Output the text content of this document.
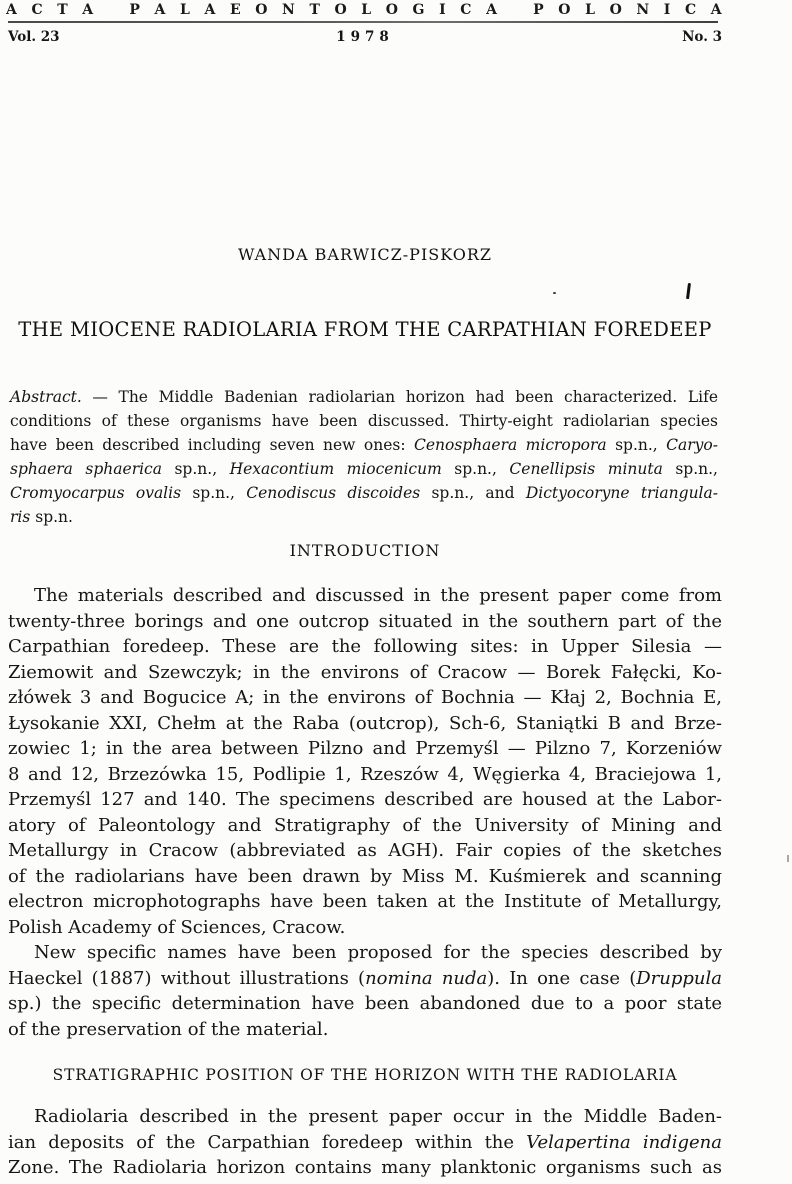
A C T A
	P A L A E O N T O L O G I C A
	P O L O N I C A
Vol. 23	1978	No. 3
WANDA BARWICZ-PISKORZ
THE MIOCENE RADIOLARIA FROM THE CARPATHIAN FOREDEEP
Abstract. — The Middle Badenian radiolarian horizon had been characterized. Life
conditions of these organisms have been discussed. Thirty-eight radiolarian species
have been described including seven new ones: Cenosphaera micropora sp.n., Caryo-
sphaera sphaerica sp.n., Hexacontium miocenicum sp.n., Cenellipsis minuta sp.n.,
Cromyocarpus ovalis sp.n., Cenodiscus discoides sp.n., and Dictyocoryne triangula-
ris sp.n.
INTRODUCTION
The materials described and discussed in the present paper come from
twenty-three borings and one outcrop situated in the southern part of the
Carpathian foredeep. These are the following sites: in Upper Silesia —
Ziemowit and Szewczyk; in the environs of Cracow — Borek Fałęcki, Ko-
złówek 3 and Bogucice A; in the environs of Bochnia — Kłaj 2, Bochnia E,
Łysokanie XXI, Chełm at the Raba (outcrop), Sch-6, Staniątki B and Brze-
zowiec 1; in the area between Pilzno and Przemyśl — Pilzno 7, Korzeniów
8 and 12, Brzezówka 15, Podlipie 1, Rzeszów 4, Węgierka 4, Braciejowa 1,
Przemyśl 127 and 140. The specimens described are housed at the Labor-
atory of Paleontology and Stratigraphy of the University of Mining and
Metallurgy in Cracow (abbreviated as AGH). Fair copies of the sketches
of the radiolarians have been drawn by Miss M. Kuśmierek and scanning
electron microphotographs have been taken at the Institute of Metallurgy,
Polish Academy of Sciences, Cracow.
New specific names have been proposed for the species described by
Haeckel (1887) without illustrations (nomina nuda). In one case (Druppula
sp.) the specific determination have been abandoned due to a poor state
of the preservation of the material.
STRATIGRAPHIC POSITION OF THE HORIZON WITH THE RADIOLARIA
Radiolaria described in the present paper occur in the Middle Baden-
ian deposits of the Carpathian foredeep within the Velapertina indigena
Zone. The Radiolaria horizon contains many planktonic organisms such as
